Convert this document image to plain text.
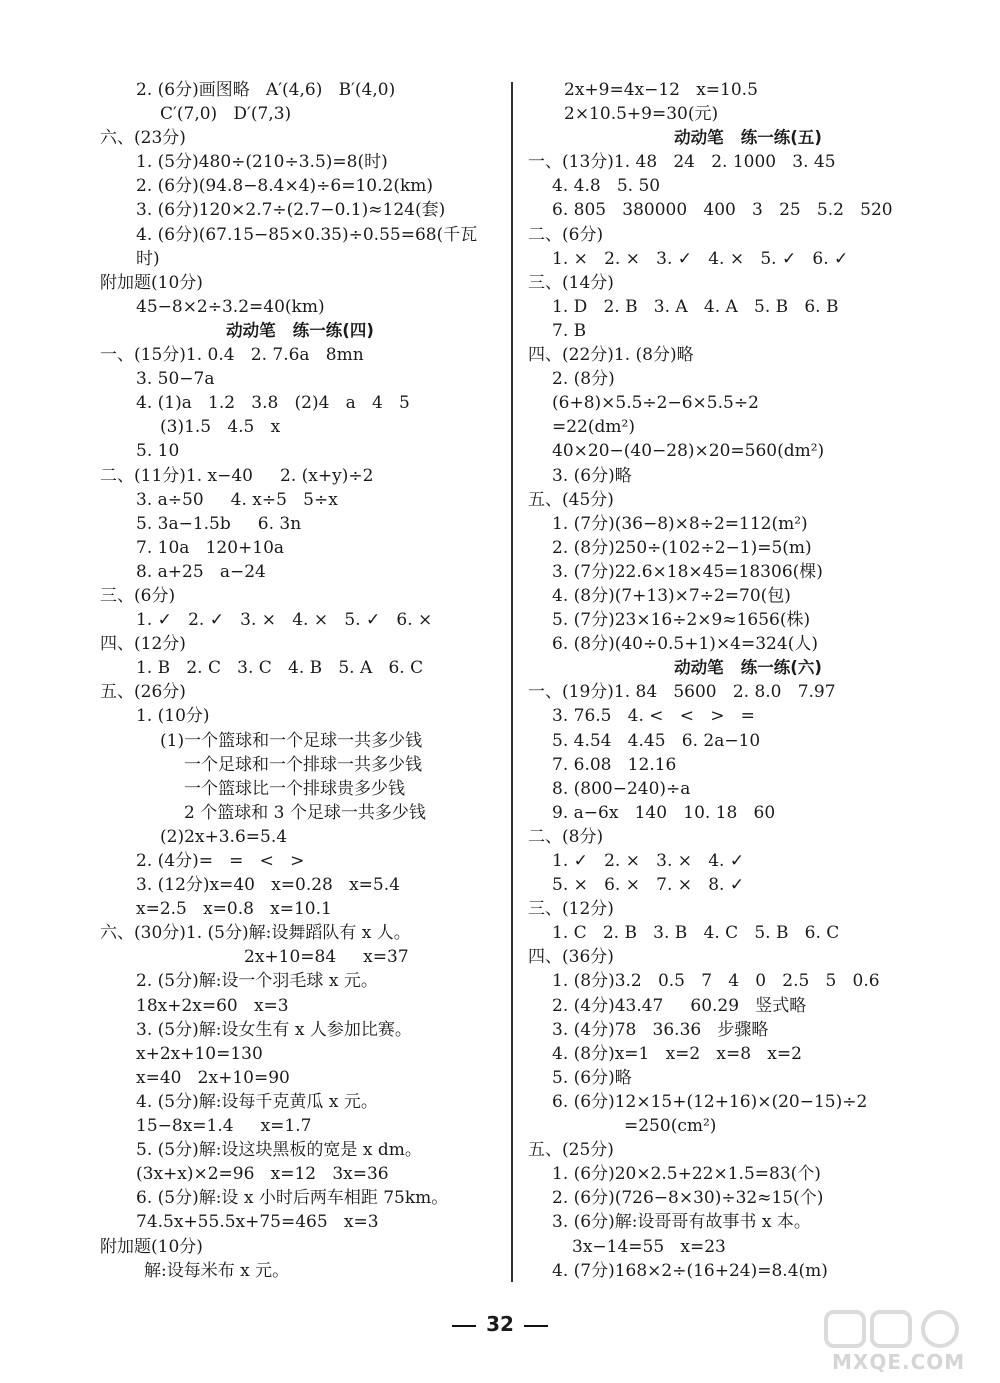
2. (6分)画图略   A′(4,6)   B′(4,0)
C′(7,0)   D′(7,3)
六、(23分)
1. (5分)480÷(210÷3.5)=8(时)
2. (6分)(94.8−8.4×4)÷6=10.2(km)
3. (6分)120×2.7÷(2.7−0.1)≈124(套)
4. (6分)(67.15−85×0.35)÷0.55=68(千瓦
时)
附加题(10分)
45−8×2÷3.2=40(km)
动动笔   练一练(四)
一、(15分)1. 0.4   2. 7.6a   8mn
3. 50−7a
4. (1)a   1.2   3.8   (2)4   a   4   5
(3)1.5   4.5   x
5. 10
二、(11分)1. x−40     2. (x+y)÷2
3. a÷50     4. x÷5   5÷x
5. 3a−1.5b     6. 3n
7. 10a   120+10a
8. a+25   a−24
三、(6分)
1. ✓   2. ✓   3. ×   4. ×   5. ✓   6. ×
四、(12分)
1. B   2. C   3. C   4. B   5. A   6. C
五、(26分)
1. (10分)
(1)一个篮球和一个足球一共多少钱
一个足球和一个排球一共多少钱
一个篮球比一个排球贵多少钱
2 个篮球和 3 个足球一共多少钱
(2)2x+3.6=5.4
2. (4分)=   =   <   >
3. (12分)x=40   x=0.28   x=5.4
x=2.5   x=0.8   x=10.1
六、(30分)1. (5分)解:设舞蹈队有 x 人。
2x+10=84     x=37
2. (5分)解:设一个羽毛球 x 元。
18x+2x=60   x=3
3. (5分)解:设女生有 x 人参加比赛。
x+2x+10=130
x=40   2x+10=90
4. (5分)解:设每千克黄瓜 x 元。
15−8x=1.4     x=1.7
5. (5分)解:设这块黑板的宽是 x dm。
(3x+x)×2=96   x=12   3x=36
6. (5分)解:设 x 小时后两车相距 75km。
74.5x+55.5x+75=465   x=3
附加题(10分)
解:设每米布 x 元。
2x+9=4x−12   x=10.5
2×10.5+9=30(元)
动动笔   练一练(五)
一、(13分)1. 48   24   2. 1000   3. 45
4. 4.8   5. 50
6. 805   380000   400   3   25   5.2   520
二、(6分)
1. ×   2. ×   3. ✓   4. ×   5. ✓   6. ✓
三、(14分)
1. D   2. B   3. A   4. A   5. B   6. B
7. B
四、(22分)1. (8分)略
2. (8分)
(6+8)×5.5÷2−6×5.5÷2
=22(dm²)
40×20−(40−28)×20=560(dm²)
3. (6分)略
五、(45分)
1. (7分)(36−8)×8÷2=112(m²)
2. (8分)250÷(102÷2−1)=5(m)
3. (7分)22.6×18×45=18306(棵)
4. (8分)(7+13)×7÷2=70(包)
5. (7分)23×16÷2×9≈1656(株)
6. (8分)(40÷0.5+1)×4=324(人)
动动笔   练一练(六)
一、(19分)1. 84   5600   2. 8.0   7.97
3. 76.5   4. <   <   >   =
5. 4.54   4.45   6. 2a−10
7. 6.08   12.16
8. (800−240)÷a
9. a−6x   140   10. 18   60
二、(8分)
1. ✓   2. ×   3. ×   4. ✓
5. ×   6. ×   7. ×   8. ✓
三、(12分)
1. C   2. B   3. B   4. C   5. B   6. C
四、(36分)
1. (8分)3.2   0.5   7   4   0   2.5   5   0.6
2. (4分)43.47     60.29   竖式略
3. (4分)78   36.36   步骤略
4. (8分)x=1   x=2   x=8   x=2
5. (6分)略
6. (6分)12×15+(12+16)×(20−15)÷2
=250(cm²)
五、(25分)
1. (6分)20×2.5+22×1.5=83(个)
2. (6分)(726−8×30)÷32≈15(个)
3. (6分)解:设哥哥有故事书 x 本。
3x−14=55   x=23
4. (7分)168×2÷(16+24)=8.4(m)
32
MXQE.COM
